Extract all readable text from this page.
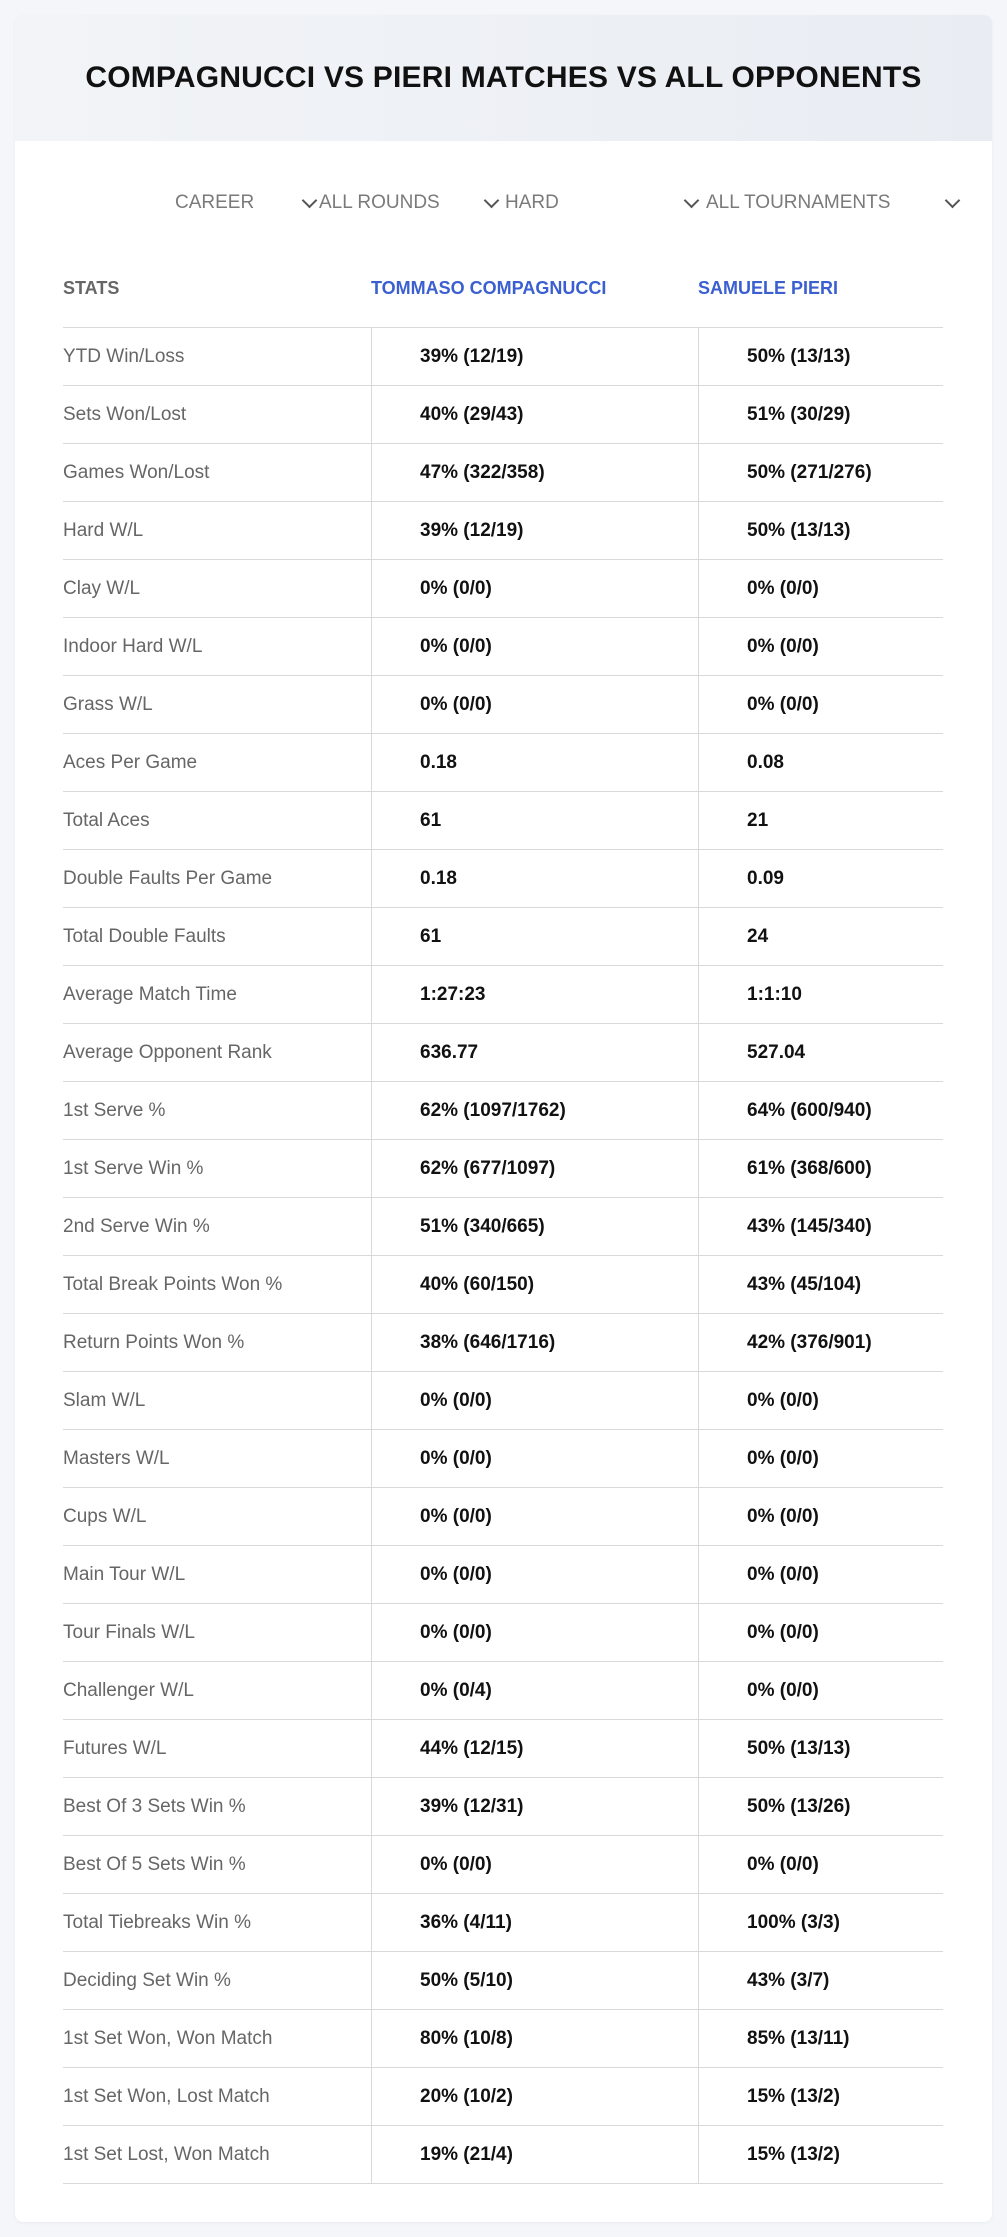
COMPAGNUCCI VS PIERI MATCHES VS ALL OPPONENTS
CAREER	ALL ROUNDS	HARD	ALL TOURNAMENTS
STATS	TOMMASO COMPAGNUCCI	SAMUELE PIERI
YTD Win/Loss	39% (12/19)	50% (13/13)
Sets Won/Lost	40% (29/43)	51% (30/29)
Games Won/Lost	47% (322/358)	50% (271/276)
Hard W/L	39% (12/19)	50% (13/13)
Clay W/L	0% (0/0)	0% (0/0)
Indoor Hard W/L	0% (0/0)	0% (0/0)
Grass W/L	0% (0/0)	0% (0/0)
Aces Per Game	0.18	0.08
Total Aces	61	21
Double Faults Per Game	0.18	0.09
Total Double Faults	61	24
Average Match Time	1:27:23	1:1:10
Average Opponent Rank	636.77	527.04
1st Serve %	62% (1097/1762)	64% (600/940)
1st Serve Win %	62% (677/1097)	61% (368/600)
2nd Serve Win %	51% (340/665)	43% (145/340)
Total Break Points Won %	40% (60/150)	43% (45/104)
Return Points Won %	38% (646/1716)	42% (376/901)
Slam W/L	0% (0/0)	0% (0/0)
Masters W/L	0% (0/0)	0% (0/0)
Cups W/L	0% (0/0)	0% (0/0)
Main Tour W/L	0% (0/0)	0% (0/0)
Tour Finals W/L	0% (0/0)	0% (0/0)
Challenger W/L	0% (0/4)	0% (0/0)
Futures W/L	44% (12/15)	50% (13/13)
Best Of 3 Sets Win %	39% (12/31)	50% (13/26)
Best Of 5 Sets Win %	0% (0/0)	0% (0/0)
Total Tiebreaks Win %	36% (4/11)	100% (3/3)
Deciding Set Win %	50% (5/10)	43% (3/7)
1st Set Won, Won Match	80% (10/8)	85% (13/11)
1st Set Won, Lost Match	20% (10/2)	15% (13/2)
1st Set Lost, Won Match	19% (21/4)	15% (13/2)
